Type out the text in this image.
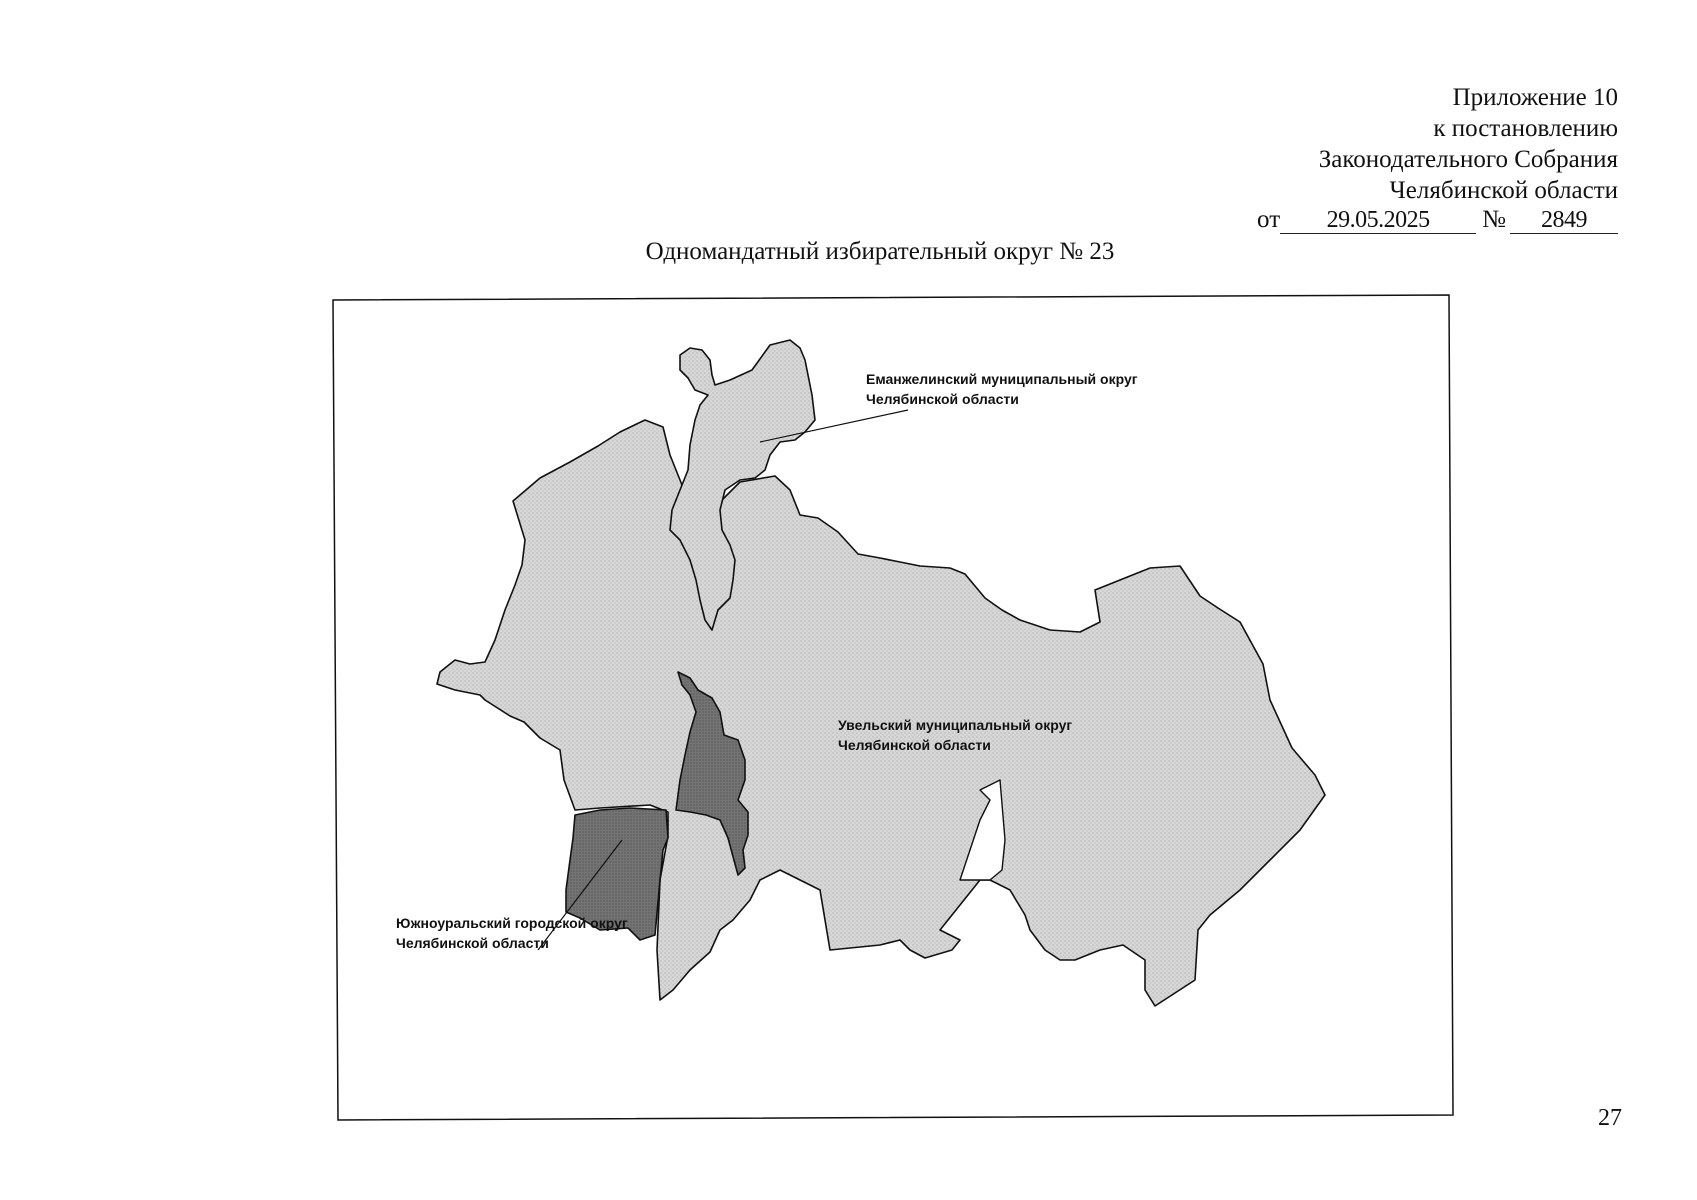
Приложение 10
к постановлению
Законодательного Собрания
Челябинской области
от 29.05.2025 № 2849
Одномандатный избирательный округ № 23
Еманжелинский муниципальный округ
Челябинской области
Увельский муниципальный округ
Челябинской области
Южноуральский городской округ
Челябинской области
27
